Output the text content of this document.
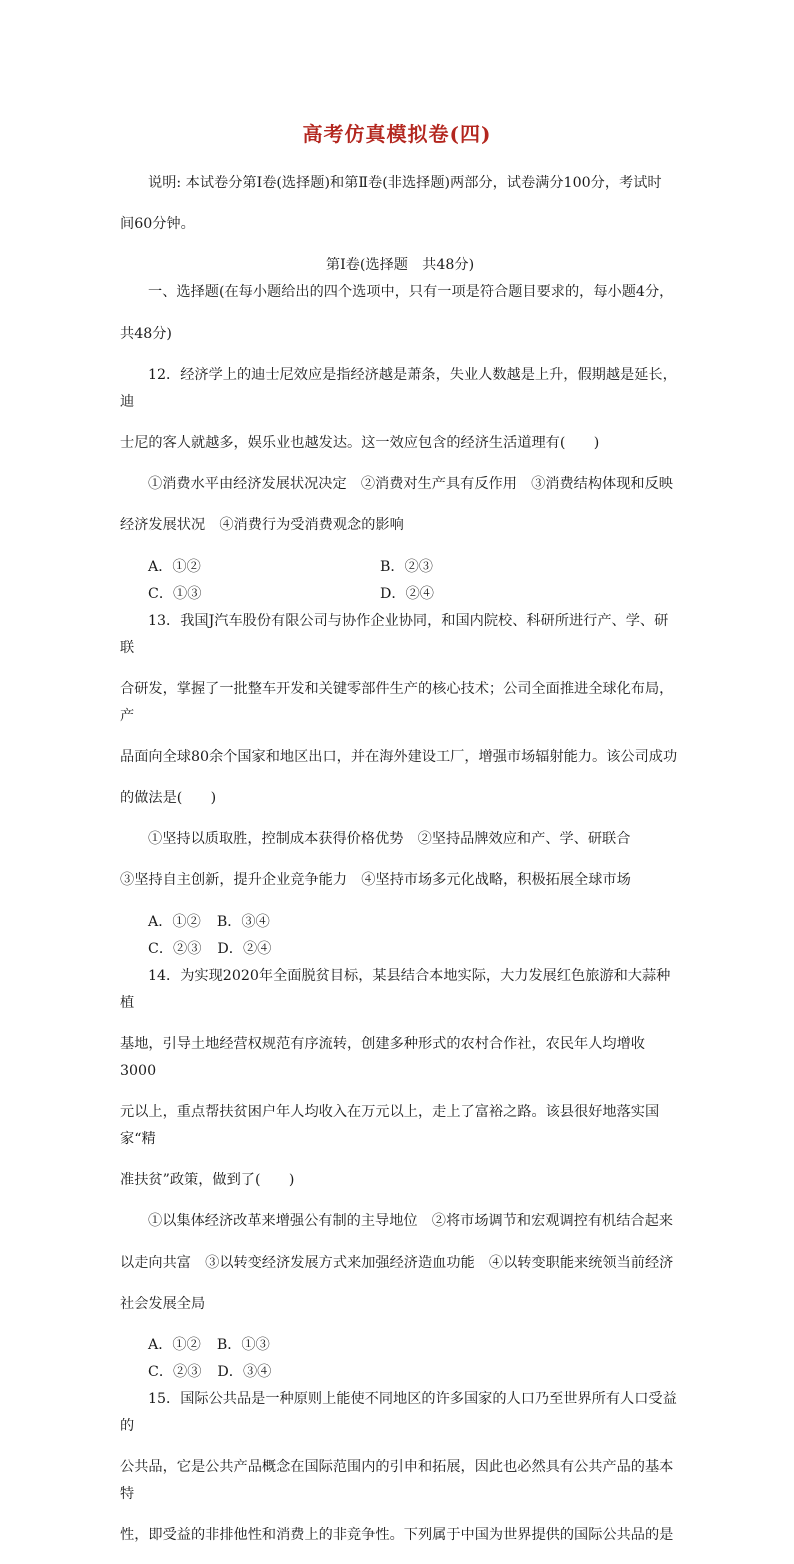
高考仿真模拟卷(四)

说明: 本试卷分第Ⅰ卷(选择题)和第Ⅱ卷(非选择题)两部分，试卷满分100分，考试时

间60分钟。

第Ⅰ卷(选择题　共48分)

一、选择题(在每小题给出的四个选项中，只有一项是符合题目要求的，每小题4分，

共48分)

12．经济学上的迪士尼效应是指经济越是萧条，失业人数越是上升，假期越是延长，迪

士尼的客人就越多，娱乐业也越发达。这一效应包含的经济生活道理有(　　)

①消费水平由经济发展状况决定　②消费对生产具有反作用　③消费结构体现和反映

经济发展状况　④消费行为受消费观念的影响

A．①②	B．②③
C．①③	D．②④

13．我国J汽车股份有限公司与协作企业协同，和国内院校、科研所进行产、学、研联

合研发，掌握了一批整车开发和关键零部件生产的核心技术；公司全面推进全球化布局，产

品面向全球80余个国家和地区出口，并在海外建设工厂，增强市场辐射能力。该公司成功

的做法是(　　)

①坚持以质取胜，控制成本获得价格优势　②坚持品牌效应和产、学、研联合

③坚持自主创新，提升企业竞争能力　④坚持市场多元化战略，积极拓展全球市场

A．①② B．③④
C．②③ D．②④

14．为实现2020年全面脱贫目标，某县结合本地实际，大力发展红色旅游和大蒜种植

基地，引导土地经营权规范有序流转，创建多种形式的农村合作社，农民年人均增收3000

元以上，重点帮扶贫困户年人均收入在万元以上，走上了富裕之路。该县很好地落实国家“精

准扶贫”政策，做到了(　　)

①以集体经济改革来增强公有制的主导地位　②将市场调节和宏观调控有机结合起来

以走向共富　③以转变经济发展方式来加强经济造血功能　④以转变职能来统领当前经济

社会发展全局

A．①② B．①③
C．②③ D．③④

15．国际公共品是一种原则上能使不同地区的许多国家的人口乃至世界所有人口受益的

公共品，它是公共产品概念在国际范围内的引申和拓展，因此也必然具有公共产品的基本特

性，即受益的非排他性和消费上的非竞争性。下列属于中国为世界提供的国际公共品的是
